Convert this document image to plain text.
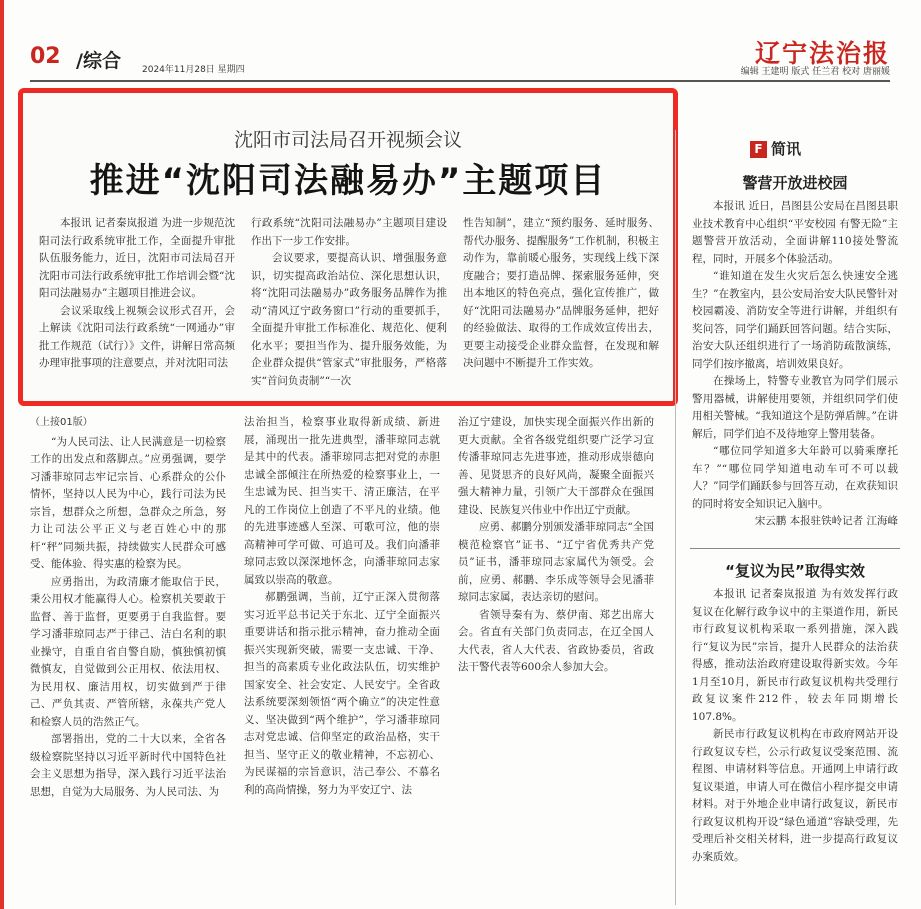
02 /综合 2024年11月28日 星期四
辽宁法治报
编辑 王建明 版式 任兰君 校对 唐丽媛
沈阳市司法局召开视频会议
推进“沈阳司法融易办”主题项目

本报讯 记者秦岚报道 为进一步规范沈阳司法行政系统审批工作，全面提升审批队伍服务能力，近日，沈阳市司法局召开沈阳市司法行政系统审批工作培训会暨“沈阳司法融易办”主题项目推进会议。

会议采取线上视频会议形式召开，会上解读《沈阳司法行政系统“一网通办”审批工作规范（试行）》文件，讲解日常高频办理审批事项的注意要点，并对沈阳司法

行政系统“沈阳司法融易办”主题项目建设作出下一步工作安排。

会议要求，要提高认识、增强服务意识，切实提高政治站位、深化思想认识，将“沈阳司法融易办”政务服务品牌作为推动“清风辽宁政务窗口”行动的重要抓手，全面提升审批工作标准化、规范化、便利化水平；要担当作为、提升服务效能，为企业群众提供“管家式”审批服务，严格落实“首问负责制”“一次

性告知制”，建立“预约服务、延时服务、帮代办服务、提醒服务”工作机制，积极主动作为，靠前暖心服务，实现线上线下深度融合；要打造品牌、探索服务延伸，突出本地区的特色亮点，强化宣传推广，做好“沈阳司法融易办”品牌服务延伸，把好的经验做法、取得的工作成效宣传出去，更要主动接受企业群众监督，在发现和解决问题中不断提升工作实效。

（上接01版）

“为人民司法、让人民满意是一切检察工作的出发点和落脚点。”应勇强调，要学习潘菲琼同志牢记宗旨、心系群众的公仆情怀，坚持以人民为中心，践行司法为民宗旨，想群众之所想，急群众之所急，努力让司法公平正义与老百姓心中的那杆“秤”同频共振，持续做实人民群众可感受、能体验、得实惠的检察为民。

应勇指出，为政清廉才能取信于民，秉公用权才能赢得人心。检察机关要敢于监督、善于监督，更要勇于自我监督。要学习潘菲琼同志严于律己、洁白名利的职业操守，自重自省自警自励，慎独慎初慎微慎友，自觉做到公正用权、依法用权、为民用权、廉洁用权，切实做到严于律己、严负其责、严管所辖，永葆共产党人和检察人员的浩然正气。

部署指出，党的二十大以来，全省各级检察院坚持以习近平新时代中国特色社会主义思想为指导，深入践行习近平法治思想，自觉为大局服务、为人民司法、为

法治担当，检察事业取得新成绩、新进展，涌现出一批先进典型，潘菲琼同志就是其中的代表。潘菲琼同志把对党的赤胆忠诚全部倾注在所热爱的检察事业上，一生忠诚为民、担当实干、清正廉洁，在平凡的工作岗位上创造了不平凡的业绩。他的先进事迹感人至深、可歌可泣，他的崇高精神可学可做、可追可及。我们向潘菲琼同志致以深深地怀念，向潘菲琼同志家属致以崇高的敬意。

郝鹏强调，当前，辽宁正深入贯彻落实习近平总书记关于东北、辽宁全面振兴重要讲话和指示批示精神，奋力推动全面振兴实现新突破，需要一支忠诚、干净、担当的高素质专业化政法队伍，切实维护国家安全、社会安定、人民安宁。全省政法系统要深刻领悟“两个确立”的决定性意义、坚决做到“两个维护”，学习潘菲琼同志对党忠诚、信仰坚定的政治品格，实干担当、坚守正义的敬业精神，不忘初心、为民谋福的宗旨意识，洁己奉公、不慕名利的高尚情操，努力为平安辽宁、法

治辽宁建设，加快实现全面振兴作出新的更大贡献。全省各级党组织要广泛学习宣传潘菲琼同志先进事迹，推动形成崇德向善、见贤思齐的良好风尚，凝聚全面振兴强大精神力量，引领广大干部群众在强国建设、民族复兴伟业中作出辽宁贡献。

应勇、郝鹏分别颁发潘菲琼同志“全国模范检察官”证书、“辽宁省优秀共产党员”证书，潘菲琼同志家属代为领受。会前，应勇、郝鹏、李乐成等领导会见潘菲琼同志家属，表达亲切的慰问。

省领导秦有为、蔡伊南、郑艺出席大会。省直有关部门负责同志，在辽全国人大代表，省人大代表、省政协委员，省政法干警代表等600余人参加大会。

F 简讯
警营开放进校园

本报讯 近日，昌图县公安局在昌图县职业技术教育中心组织“平安校园 有警无险”主题警营开放活动，全面讲解110接处警流程，同时，开展多个体验活动。

“谁知道在发生火灾后怎么快速安全逃生？”在教室内，县公安局治安大队民警针对校园霸凌、消防安全等进行讲解，并组织有奖问答，同学们踊跃回答问题。结合实际，治安大队还组织进行了一场消防疏散演练，同学们按序撤离，培训效果良好。

在操场上，特警专业教官为同学们展示警用器械，讲解使用要领，并组织同学们使用相关警械。“我知道这个是防弹盾牌。”在讲解后，同学们迫不及待地穿上警用装备。

“哪位同学知道多大年龄可以骑乘摩托车？”“哪位同学知道电动车可不可以载人？”同学们踊跃参与回答互动，在欢获知识的同时将安全知识记入脑中。

宋云鹏 本报驻铁岭记者 江海峰
“复议为民”取得实效

本报讯 记者秦岚报道 为有效发挥行政复议在化解行政争议中的主渠道作用，新民市行政复议机构采取一系列措施，深入践行“复议为民”宗旨，提升人民群众的法治获得感，推动法治政府建设取得新实效。今年1月至10月，新民市行政复议机构共受理行政复议案件212件，较去年同期增长107.8%。

新民市行政复议机构在市政府网站开设行政复议专栏，公示行政复议受案范围、流程图、申请材料等信息。开通网上申请行政复议渠道，申请人可在微信小程序提交申请材料。对于外地企业申请行政复议，新民市行政复议机构开设“绿色通道”容缺受理，先受理后补交相关材料，进一步提高行政复议办案质效。
